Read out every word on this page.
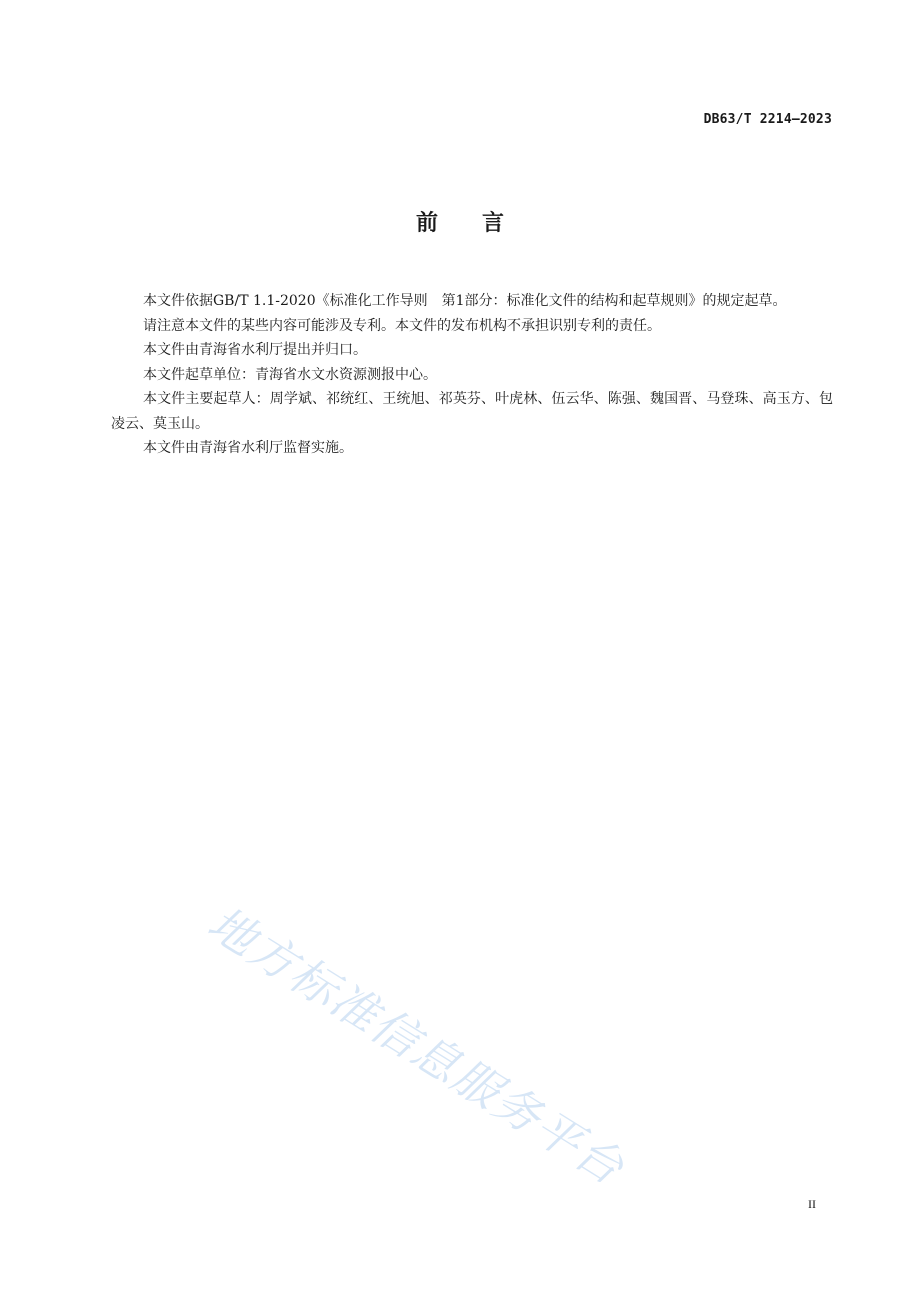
DB63/T 2214—2023
前 言

本文件依据GB/T 1.1-2020《标准化工作导则　第1部分：标准化文件的结构和起草规则》的规定起草。

请注意本文件的某些内容可能涉及专利。本文件的发布机构不承担识别专利的责任。

本文件由青海省水利厅提出并归口。

本文件起草单位：青海省水文水资源测报中心。

本文件主要起草人：周学斌、祁统红、王统旭、祁英芬、叶虎林、伍云华、陈强、魏国晋、马登珠、高玉方、包凌云、莫玉山。

本文件由青海省水利厅监督实施。

地方标准信息服务平台
II
